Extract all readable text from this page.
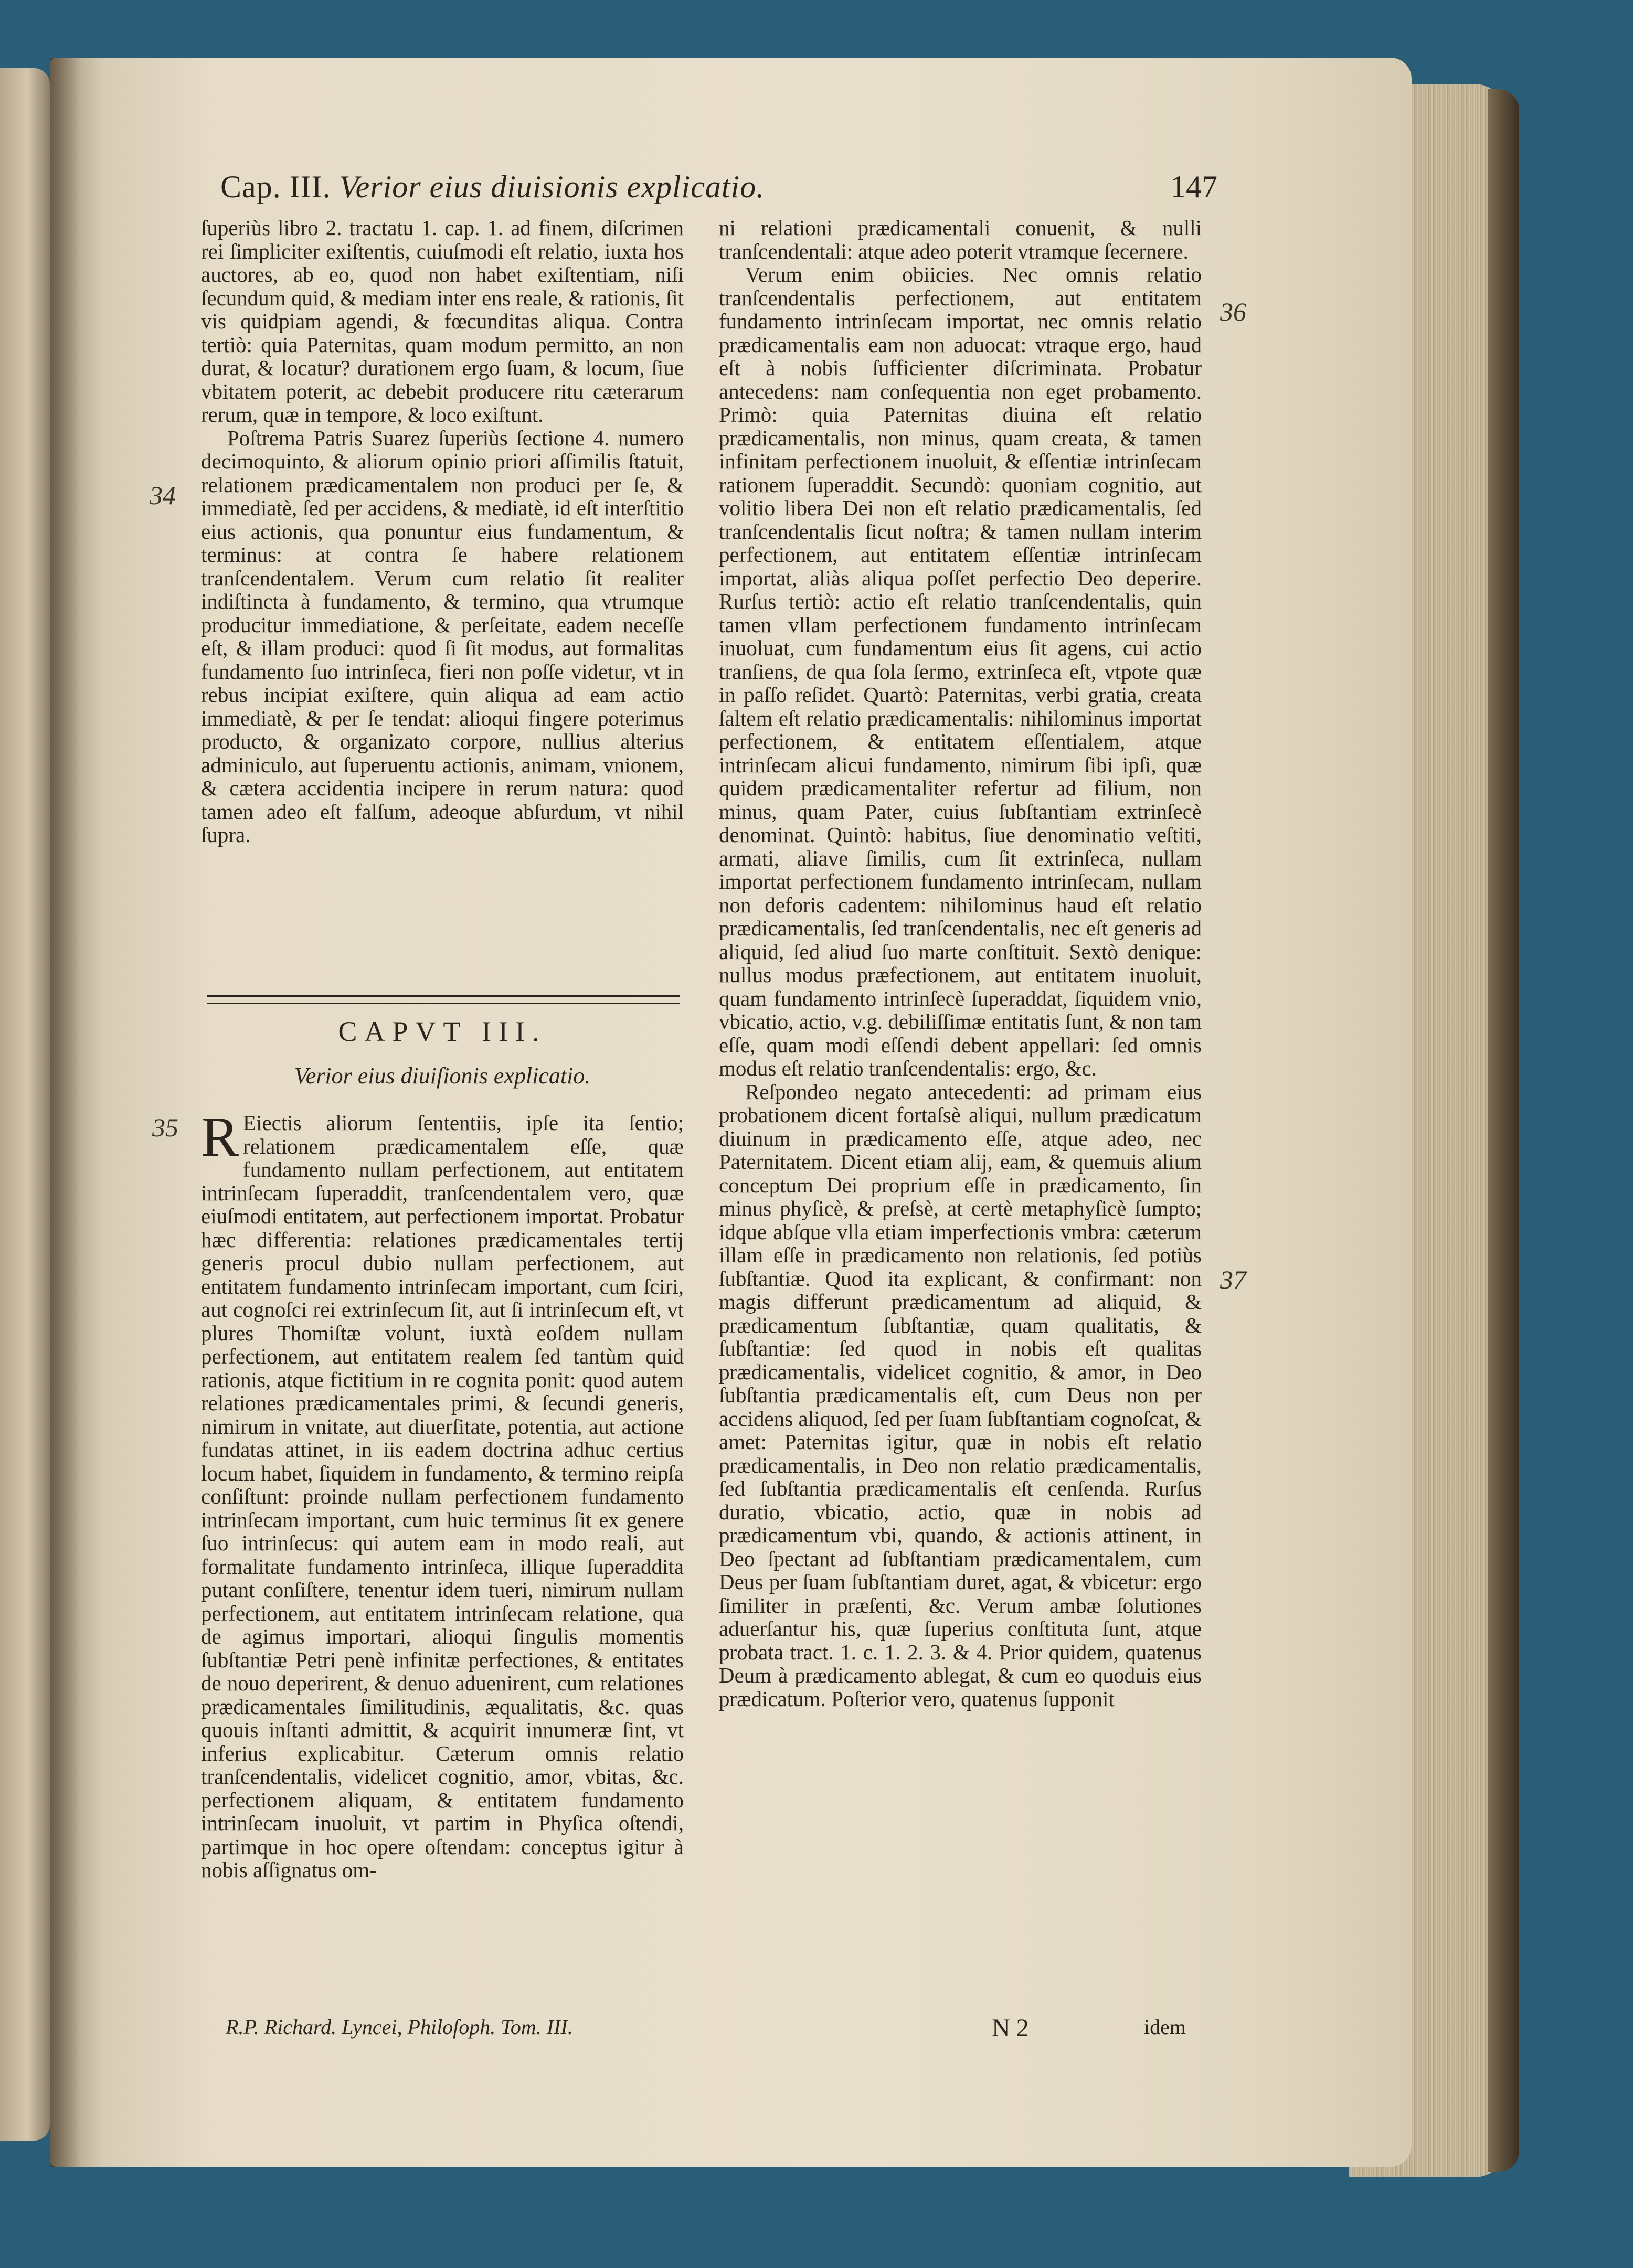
Cap. III. Verior eius diuisionis explicatio.	147

ſuperiùs libro 2. tractatu 1. cap. 1. ad finem, diſcrimen rei ſimpliciter exiſtentis, cuiuſmodi eſt relatio, iuxta hos auctores, ab eo, quod non habet exiſtentiam, niſi ſecundum quid, & mediam inter ens reale, & rationis, ſit vis quidpiam agendi, & fœcunditas aliqua. Contra tertiò: quia Paternitas, quam modum permitto, an non durat, & locatur? durationem ergo ſuam, & locum, ſiue vbitatem poterit, ac debebit producere ritu cæterarum rerum, quæ in tempore, & loco exiſtunt.

Poſtrema Patris Suarez ſuperiùs ſectione 4. numero decimoquinto, & aliorum opinio priori aſſimilis ſtatuit, relationem prædicamentalem non produci per ſe, & immediatè, ſed per accidens, & mediatè, id eſt interſtitio eius actionis, qua ponuntur eius fundamentum, & terminus: at contra ſe habere relationem tranſcendentalem. Verum cum relatio ſit realiter indiſtincta à fundamento, & termino, qua vtrumque producitur immediatione, & perſeitate, eadem neceſſe eſt, & illam produci: quod ſi ſit modus, aut formalitas fundamento ſuo intrinſeca, fieri non poſſe videtur, vt in rebus incipiat exiſtere, quin aliqua ad eam actio immediatè, & per ſe tendat: alioqui fingere poterimus producto, & organizato corpore, nullius alterius adminiculo, aut ſuperuentu actionis, animam, vnionem, & cætera accidentia incipere in rerum natura: quod tamen adeo eſt falſum, adeoque abſurdum, vt nihil ſupra.

34
CAPVT III.
Verior eius diuiſionis explicatio.
35 R Eiectis aliorum ſententiis, ipſe ita ſentio; relationem prædicamentalem eſſe, quæ fundamento nullam perfectionem, aut entitatem intrinſecam ſuperaddit, tranſcendentalem vero, quæ eiuſmodi entitatem, aut perfectionem importat. Probatur hæc differentia: relationes prædicamentales tertij generis procul dubio nullam perfectionem, aut entitatem fundamento intrinſecam important, cum ſciri, aut cognoſci rei extrinſecum ſit, aut ſi intrinſecum eſt, vt plures Thomiſtæ volunt, iuxtà eoſdem nullam perfectionem, aut entitatem realem ſed tantùm quid rationis, atque fictitium in re cognita ponit: quod autem relationes prædicamentales primi, & ſecundi generis, nimirum in vnitate, aut diuerſitate, potentia, aut actione fundatas attinet, in iis eadem doctrina adhuc certius locum habet, ſiquidem in fundamento, & termino reipſa conſiſtunt: proinde nullam perfectionem fundamento intrinſecam important, cum huic terminus ſit ex genere ſuo intrinſecus: qui autem eam in modo reali, aut formalitate fundamento intrinſeca, illique ſuperaddita putant conſiſtere, tenentur idem tueri, nimirum nullam perfectionem, aut entitatem intrinſecam relatione, qua de agimus importari, alioqui ſingulis momentis ſubſtantiæ Petri penè infinitæ perfectiones, & entitates de nouo deperirent, & denuo aduenirent, cum relationes prædicamentales ſimilitudinis, æqualitatis, &c. quas quouis inſtanti admittit, & acquirit innumeræ ſint, vt inferius explicabitur. Cæterum omnis relatio tranſcendentalis, videlicet cognitio, amor, vbitas, &c. perfectionem aliquam, & entitatem fundamento intrinſecam inuoluit, vt partim in Phyſica oſtendi, partimque in hoc opere oſtendam: conceptus igitur à nobis aſſignatus om-

ni relationi prædicamentali conuenit, & nulli tranſcendentali: atque adeo poterit vtramque ſecernere.

Verum enim obiicies. Nec omnis relatio tranſcendentalis perfectionem, aut entitatem fundamento intrinſecam importat, nec omnis relatio prædicamentalis eam non aduocat: vtraque ergo, haud eſt à nobis ſufficienter diſcriminata. Probatur antecedens: nam conſequentia non eget probamento. Primò: quia Paternitas diuina eſt relatio prædicamentalis, non minus, quam creata, & tamen infinitam perfectionem inuoluit, & eſſentiæ intrinſecam rationem ſuperaddit. Secundò: quoniam cognitio, aut volitio libera Dei non eſt relatio prædicamentalis, ſed tranſcendentalis ſicut noſtra; & tamen nullam interim perfectionem, aut entitatem eſſentiæ intrinſecam importat, aliàs aliqua poſſet perfectio Deo deperire. Rurſus tertiò: actio eſt relatio tranſcendentalis, quin tamen vllam perfectionem fundamento intrinſecam inuoluat, cum fundamentum eius ſit agens, cui actio tranſiens, de qua ſola ſermo, extrinſeca eſt, vtpote quæ in paſſo reſidet. Quartò: Paternitas, verbi gratia, creata ſaltem eſt relatio prædicamentalis: nihilominus importat perfectionem, & entitatem eſſentialem, atque intrinſecam alicui fundamento, nimirum ſibi ipſi, quæ quidem prædicamentaliter refertur ad filium, non minus, quam Pater, cuius ſubſtantiam extrinſecè denominat. Quintò: habitus, ſiue denominatio veſtiti, armati, aliave ſimilis, cum ſit extrinſeca, nullam importat perfectionem fundamento intrinſecam, nullam non deforis cadentem: nihilominus haud eſt relatio prædicamentalis, ſed tranſcendentalis, nec eſt generis ad aliquid, ſed aliud ſuo marte conſtituit. Sextò denique: nullus modus præfectionem, aut entitatem inuoluit, quam fundamento intrinſecè ſuperaddat, ſiquidem vnio, vbicatio, actio, v.g. debiliſſimæ entitatis ſunt, & non tam eſſe, quam modi eſſendi debent appellari: ſed omnis modus eſt relatio tranſcendentalis: ergo, &c.

Reſpondeo negato antecedenti: ad primam eius probationem dicent fortaſsè aliqui, nullum prædicatum diuinum in prædicamento eſſe, atque adeo, nec Paternitatem. Dicent etiam alij, eam, & quemuis alium conceptum Dei proprium eſſe in prædicamento, ſin minus phyſicè, & preſsè, at certè metaphyſicè ſumpto; idque abſque vlla etiam imperfectionis vmbra: cæterum illam eſſe in prædicamento non relationis, ſed potiùs ſubſtantiæ. Quod ita explicant, & confirmant: non magis differunt prædicamentum ad aliquid, & prædicamentum ſubſtantiæ, quam qualitatis, & ſubſtantiæ: ſed quod in nobis eſt qualitas prædicamentalis, videlicet cognitio, & amor, in Deo ſubſtantia prædicamentalis eſt, cum Deus non per accidens aliquod, ſed per ſuam ſubſtantiam cognoſcat, & amet: Paternitas igitur, quæ in nobis eſt relatio prædicamentalis, in Deo non relatio prædicamentalis, ſed ſubſtantia prædicamentalis eſt cenſenda. Rurſus duratio, vbicatio, actio, quæ in nobis ad prædicamentum vbi, quando, & actionis attinent, in Deo ſpectant ad ſubſtantiam prædicamentalem, cum Deus per ſuam ſubſtantiam duret, agat, & vbicetur: ergo ſimiliter in præſenti, &c. Verum ambæ ſolutiones aduerſantur his, quæ ſuperius conſtituta ſunt, atque probata tract. 1. c. 1. 2. 3. & 4. Prior quidem, quatenus Deum à prædicamento ablegat, & cum eo quoduis eius prædicatum. Poſterior vero, quatenus ſupponit

36
37
R.P. Richard. Lyncei, Philoſoph. Tom. III.	N 2	idem
